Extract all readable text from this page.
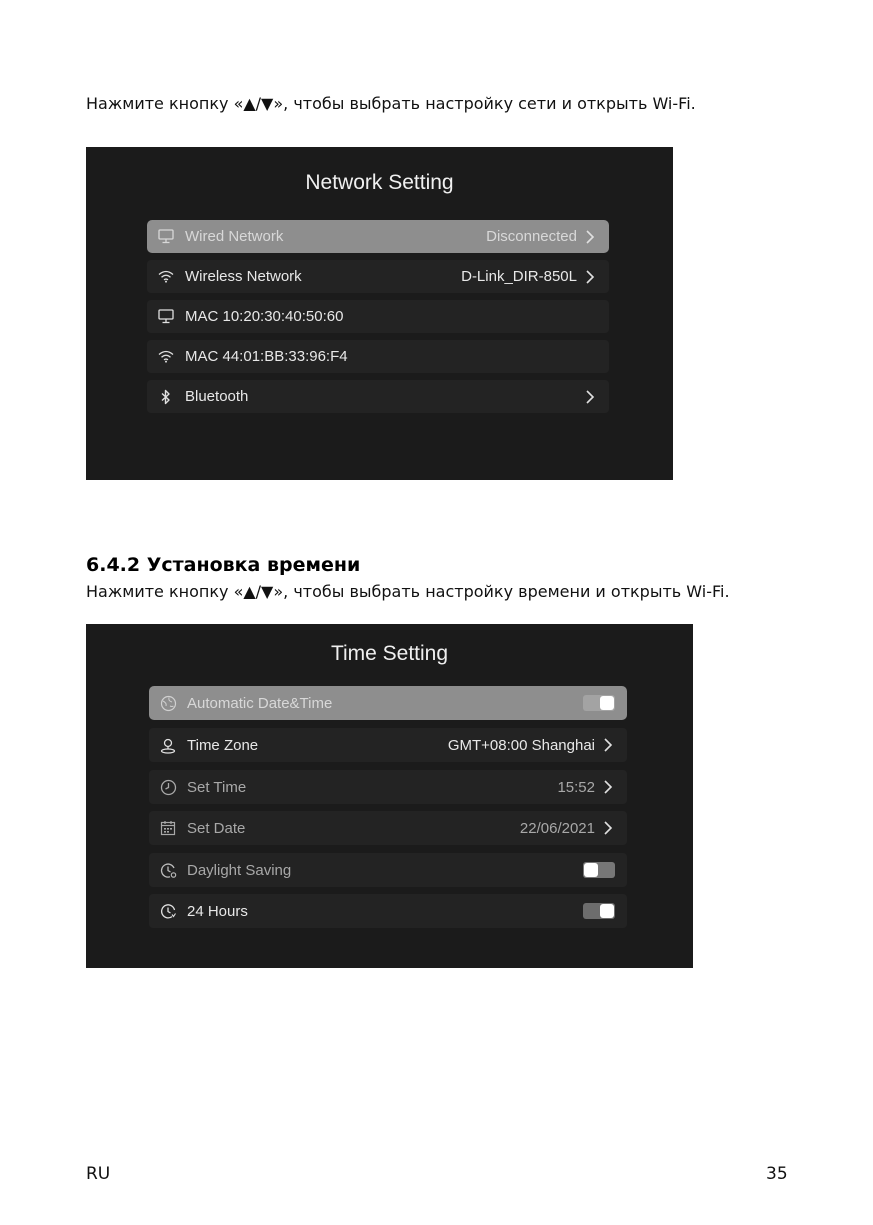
Нажмите кнопку «▲/▼», чтобы выбрать настройку сети и открыть Wi-Fi.
Network Setting
Wired Network	Disconnected
Wireless Network	D-Link_DIR-850L
MAC 10:20:30:40:50:60
MAC 44:01:BB:33:96:F4
Bluetooth
6.4.2 Установка времени
Нажмите кнопку «▲/▼», чтобы выбрать настройку времени и открыть Wi-Fi.
Time Setting
Automatic Date&Time
Time Zone	GMT+08:00 Shanghai
Set Time	15:52
Set Date	22/06/2021
Daylight Saving
24 Hours
RU	35
